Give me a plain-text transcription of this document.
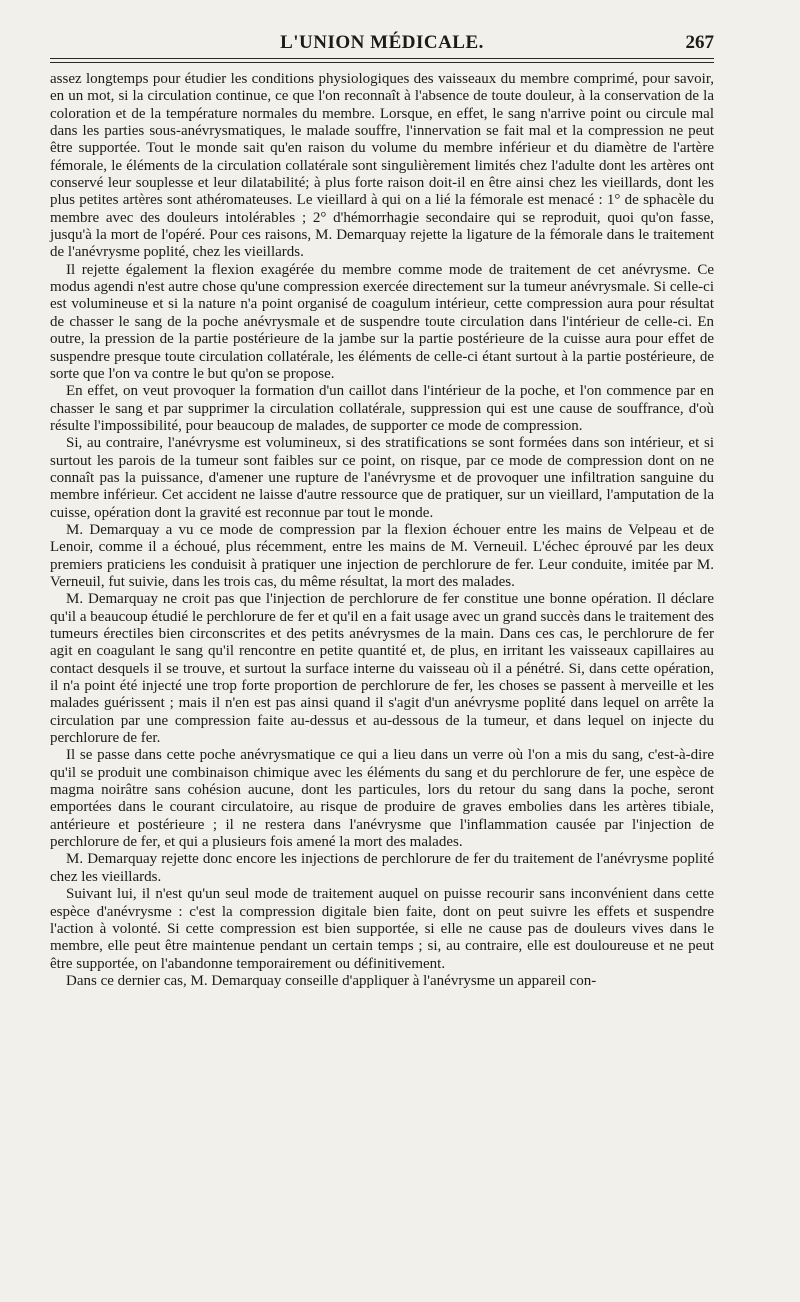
L'UNION MÉDICALE.	267

assez longtemps pour étudier les conditions physiologiques des vaisseaux du membre comprimé, pour savoir, en un mot, si la circulation continue, ce que l'on reconnaît à l'absence de toute douleur, à la conservation de la coloration et de la température normales du membre. Lorsque, en effet, le sang n'arrive point ou circule mal dans les parties sous-anévrysmatiques, le malade souffre, l'innervation se fait mal et la compression ne peut être supportée. Tout le monde sait qu'en raison du volume du membre inférieur et du diamètre de l'artère fémorale, le éléments de la circulation collatérale sont singulièrement limités chez l'adulte dont les artères ont conservé leur souplesse et leur dilatabilité; à plus forte raison doit-il en être ainsi chez les vieillards, dont les plus petites artères sont athéromateuses. Le vieillard à qui on a lié la fémorale est menacé : 1° de sphacèle du membre avec des douleurs intolérables ; 2° d'hémorrhagie secondaire qui se reproduit, quoi qu'on fasse, jusqu'à la mort de l'opéré. Pour ces raisons, M. Demarquay rejette la ligature de la fémorale dans le traitement de l'anévrysme poplité, chez les vieillards.

Il rejette également la flexion exagérée du membre comme mode de traitement de cet anévrysme. Ce modus agendi n'est autre chose qu'une compression exercée directement sur la tumeur anévrysmale. Si celle-ci est volumineuse et si la nature n'a point organisé de coagulum intérieur, cette compression aura pour résultat de chasser le sang de la poche anévrysmale et de suspendre toute circulation dans l'intérieur de celle-ci. En outre, la pression de la partie postérieure de la jambe sur la partie postérieure de la cuisse aura pour effet de suspendre presque toute circulation collatérale, les éléments de celle-ci étant surtout à la partie postérieure, de sorte que l'on va contre le but qu'on se propose.

En effet, on veut provoquer la formation d'un caillot dans l'intérieur de la poche, et l'on commence par en chasser le sang et par supprimer la circulation collatérale, suppression qui est une cause de souffrance, d'où résulte l'impossibilité, pour beaucoup de malades, de supporter ce mode de compression.

Si, au contraire, l'anévrysme est volumineux, si des stratifications se sont formées dans son intérieur, et si surtout les parois de la tumeur sont faibles sur ce point, on risque, par ce mode de compression dont on ne connaît pas la puissance, d'amener une rupture de l'anévrysme et de provoquer une infiltration sanguine du membre inférieur. Cet accident ne laisse d'autre ressource que de pratiquer, sur un vieillard, l'amputation de la cuisse, opération dont la gravité est reconnue par tout le monde.

M. Demarquay a vu ce mode de compression par la flexion échouer entre les mains de Velpeau et de Lenoir, comme il a échoué, plus récemment, entre les mains de M. Verneuil. L'échec éprouvé par les deux premiers praticiens les conduisit à pratiquer une injection de perchlorure de fer. Leur conduite, imitée par M. Verneuil, fut suivie, dans les trois cas, du même résultat, la mort des malades.

M. Demarquay ne croit pas que l'injection de perchlorure de fer constitue une bonne opération. Il déclare qu'il a beaucoup étudié le perchlorure de fer et qu'il en a fait usage avec un grand succès dans le traitement des tumeurs érectiles bien circonscrites et des petits anévrysmes de la main. Dans ces cas, le perchlorure de fer agit en coagulant le sang qu'il rencontre en petite quantité et, de plus, en irritant les vaisseaux capillaires au contact desquels il se trouve, et surtout la surface interne du vaisseau où il a pénétré. Si, dans cette opération, il n'a point été injecté une trop forte proportion de perchlorure de fer, les choses se passent à merveille et les malades guérissent ; mais il n'en est pas ainsi quand il s'agit d'un anévrysme poplité dans lequel on arrête la circulation par une compression faite au-dessus et au-dessous de la tumeur, et dans lequel on injecte du perchlorure de fer.

Il se passe dans cette poche anévrysmatique ce qui a lieu dans un verre où l'on a mis du sang, c'est-à-dire qu'il se produit une combinaison chimique avec les éléments du sang et du perchlorure de fer, une espèce de magma noirâtre sans cohésion aucune, dont les particules, lors du retour du sang dans la poche, seront emportées dans le courant circulatoire, au risque de produire de graves embolies dans les artères tibiale, antérieure et postérieure ; il ne restera dans l'anévrysme que l'inflammation causée par l'injection de perchlorure de fer, et qui a plusieurs fois amené la mort des malades.

M. Demarquay rejette donc encore les injections de perchlorure de fer du traitement de l'anévrysme poplité chez les vieillards.

Suivant lui, il n'est qu'un seul mode de traitement auquel on puisse recourir sans inconvénient dans cette espèce d'anévrysme : c'est la compression digitale bien faite, dont on peut suivre les effets et suspendre l'action à volonté. Si cette compression est bien supportée, si elle ne cause pas de douleurs vives dans le membre, elle peut être maintenue pendant un certain temps ; si, au contraire, elle est douloureuse et ne peut être supportée, on l'abandonne temporairement ou définitivement.

Dans ce dernier cas, M. Demarquay conseille d'appliquer à l'anévrysme un appareil con-
